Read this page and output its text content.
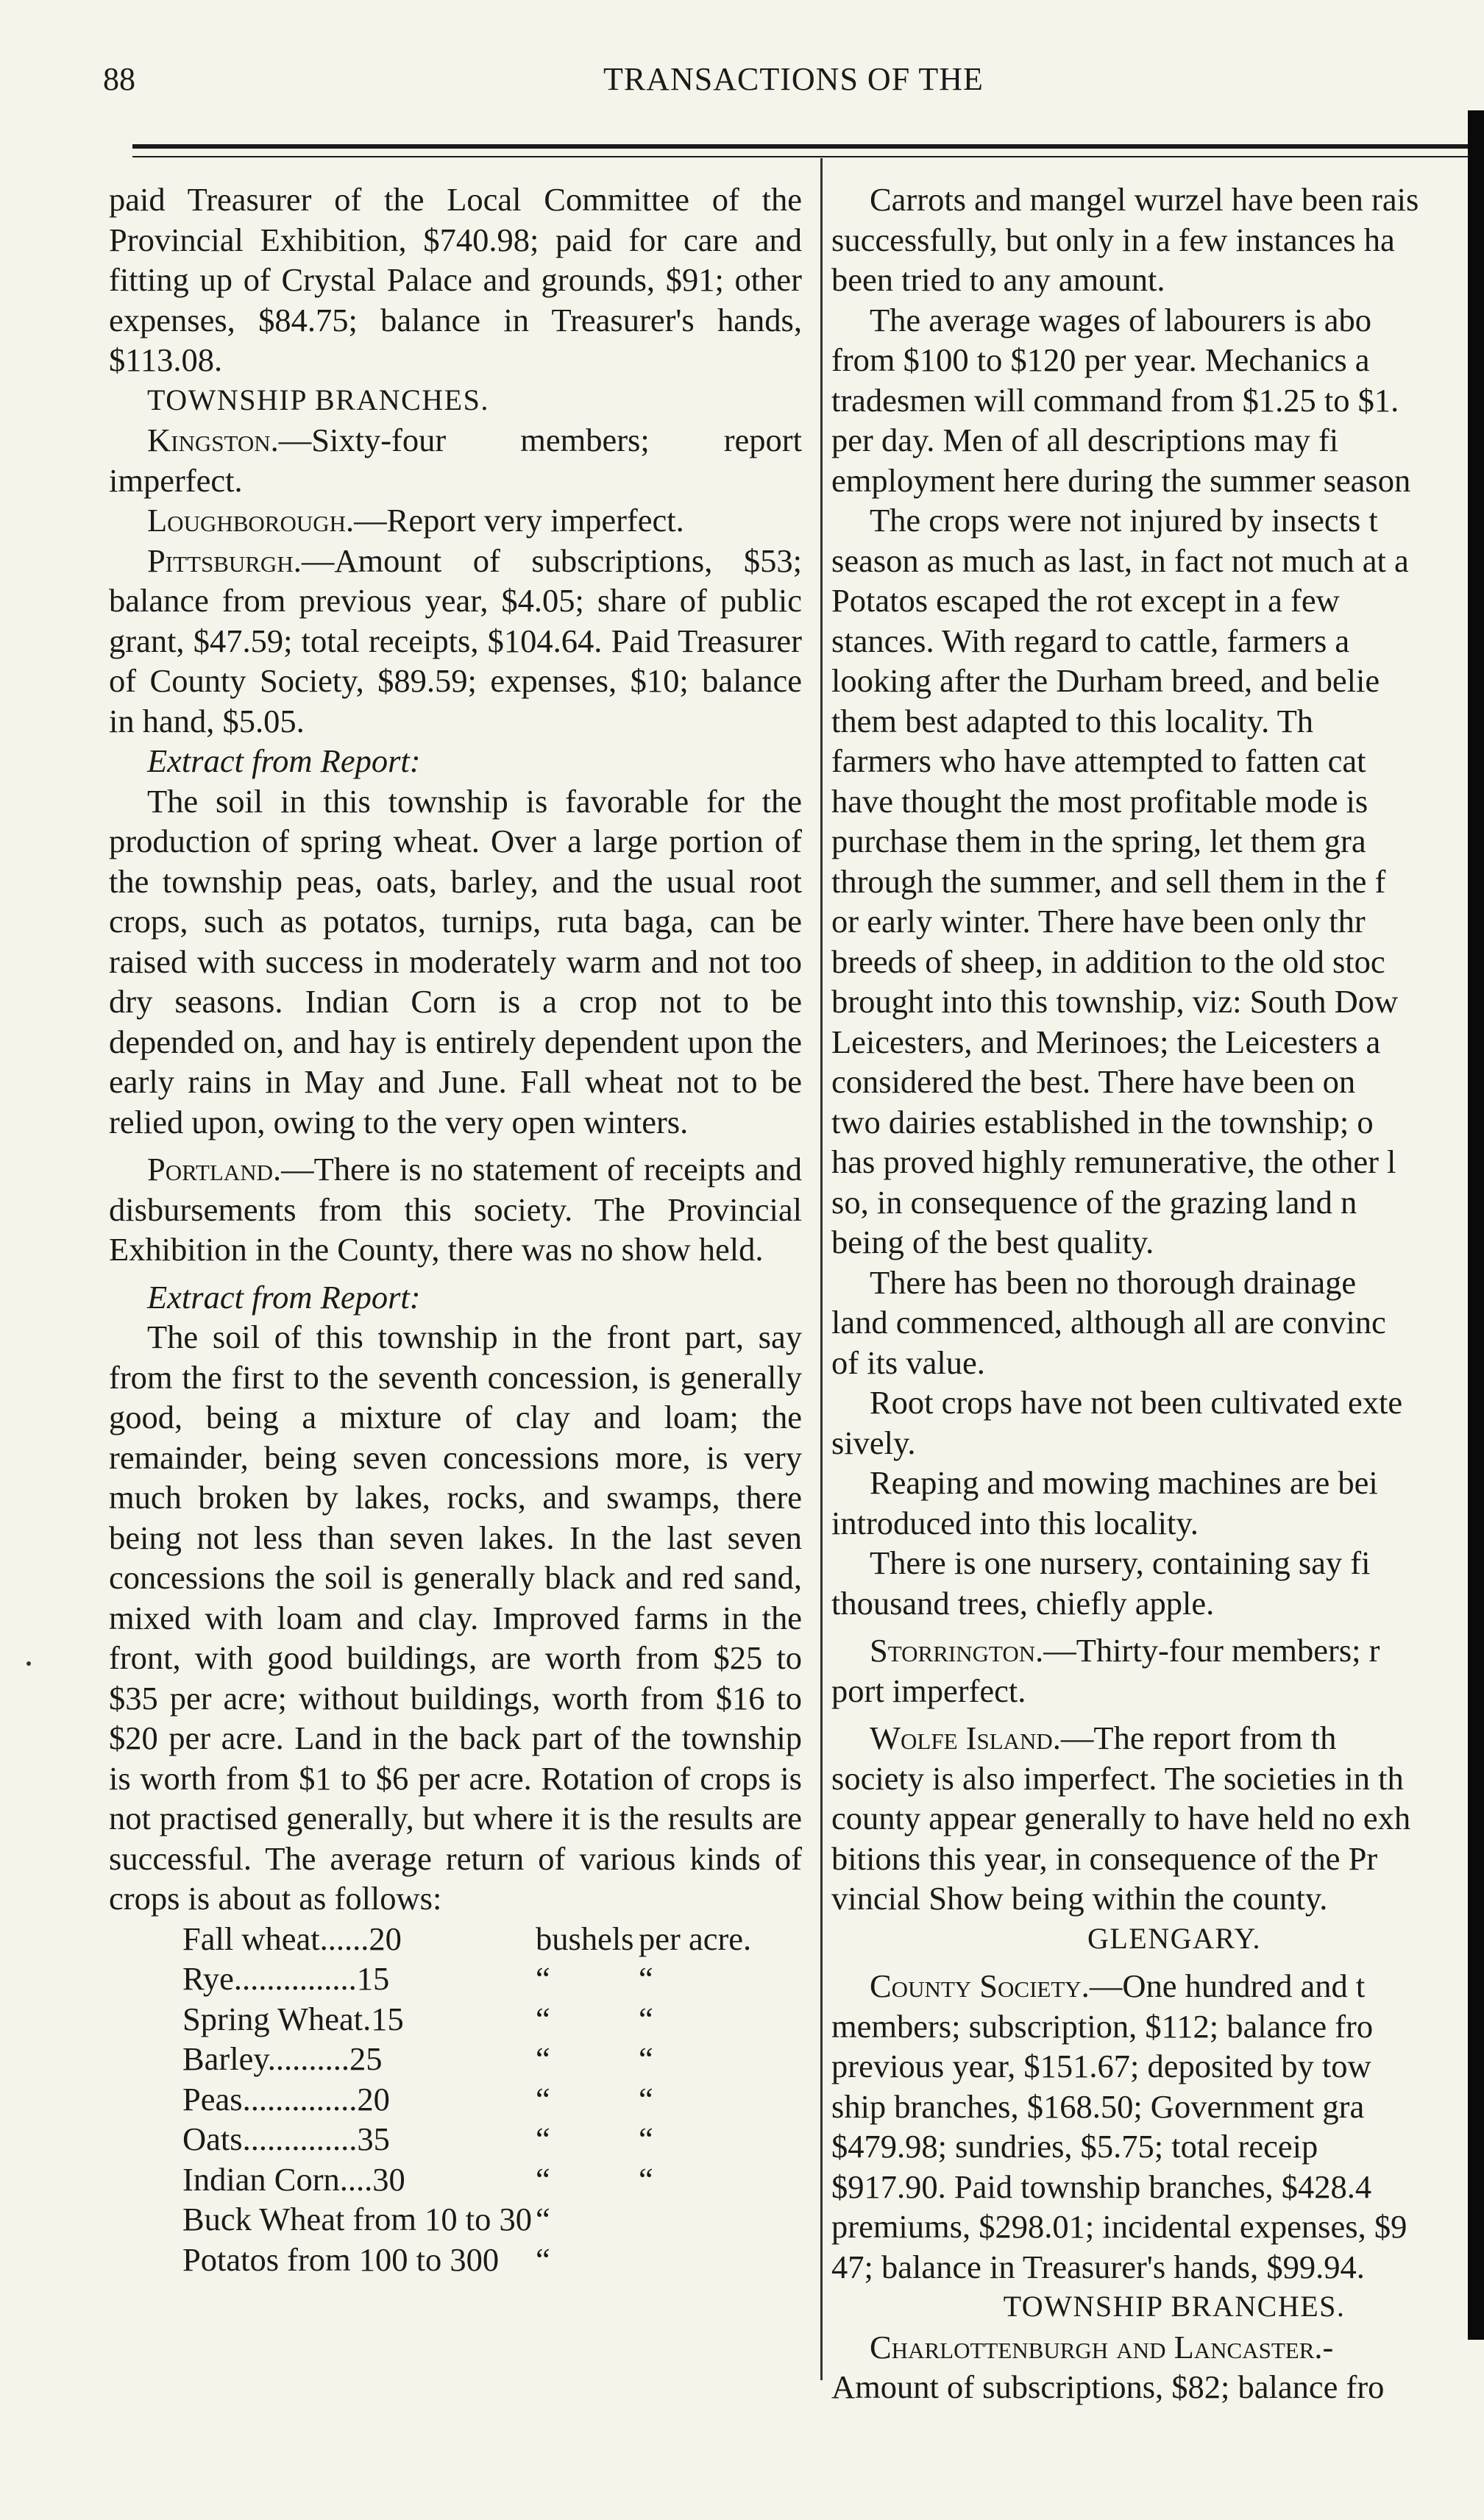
88	TRANSACTIONS OF THE

paid Treasurer of the Local Committee of the Provincial Exhibition, $740.98; paid for care and fitting up of Crystal Palace and grounds, $91; other expenses, $84.75; balance in Treasurer's hands, $113.08.

TOWNSHIP BRANCHES.

Kingston.—Sixty-four members; report imperfect.

Loughborough.—Report very imperfect.

Pittsburgh.—Amount of subscriptions, $53; balance from previous year, $4.05; share of public grant, $47.59; total receipts, $104.64. Paid Treasurer of County Society, $89.59; expenses, $10; balance in hand, $5.05.

Extract from Report:

The soil in this township is favorable for the production of spring wheat. Over a large portion of the township peas, oats, barley, and the usual root crops, such as potatos, turnips, ruta baga, can be raised with success in moderately warm and not too dry seasons. Indian Corn is a crop not to be depended on, and hay is entirely dependent upon the early rains in May and June. Fall wheat not to be relied upon, owing to the very open winters.

Portland.—There is no statement of receipts and disbursements from this society. The Provincial Exhibition in the County, there was no show held.

Extract from Report:

The soil of this township in the front part, say from the first to the seventh concession, is generally good, being a mixture of clay and loam; the remainder, being seven concessions more, is very much broken by lakes, rocks, and swamps, there being not less than seven lakes. In the last seven concessions the soil is generally black and red sand, mixed with loam and clay. Improved farms in the front, with good buildings, are worth from $25 to $35 per acre; without buildings, worth from $16 to $20 per acre. Land in the back part of the township is worth from $1 to $6 per acre. Rotation of crops is not practised generally, but where it is the results are successful. The average return of various kinds of crops is about as follows:

Fall wheat......20	bushels	per acre.
Rye...............15	“	“
Spring Wheat.15	“	“
Barley..........25	“	“
Peas..............20	“	“
Oats..............35	“	“
Indian Corn....30	“	“
Buck Wheat from 10 to 30	“	
Potatos from 100 to 300	“	

Carrots and mangel wurzel have been rais

successfully, but only in a few instances ha

been tried to any amount.

The average wages of labourers is abo

from $100 to $120 per year. Mechanics a

tradesmen will command from $1.25 to $1.

per day. Men of all descriptions may fi

employment here during the summer season

The crops were not injured by insects t

season as much as last, in fact not much at a

Potatos escaped the rot except in a few

stances. With regard to cattle, farmers a

looking after the Durham breed, and belie

them best adapted to this locality. Th

farmers who have attempted to fatten cat

have thought the most profitable mode is

purchase them in the spring, let them gra

through the summer, and sell them in the f

or early winter. There have been only thr

breeds of sheep, in addition to the old stoc

brought into this township, viz: South Dow

Leicesters, and Merinoes; the Leicesters a

considered the best. There have been on

two dairies established in the township; o

has proved highly remunerative, the other l

so, in consequence of the grazing land n

being of the best quality.

There has been no thorough drainage

land commenced, although all are convinc

of its value.

Root crops have not been cultivated exte

sively.

Reaping and mowing machines are bei

introduced into this locality.

There is one nursery, containing say fi

thousand trees, chiefly apple.

Storrington.—Thirty-four members; r

port imperfect.

Wolfe Island.—The report from th

society is also imperfect. The societies in th

county appear generally to have held no exh

bitions this year, in consequence of the Pr

vincial Show being within the county.

GLENGARY.

County Society.—One hundred and t

members; subscription, $112; balance fro

previous year, $151.67; deposited by tow

ship branches, $168.50; Government gra

$479.98; sundries, $5.75; total receip

$917.90. Paid township branches, $428.4

premiums, $298.01; incidental expenses, $9

47; balance in Treasurer's hands, $99.94.

TOWNSHIP BRANCHES.

Charlottenburgh and Lancaster.-

Amount of subscriptions, $82; balance fro
